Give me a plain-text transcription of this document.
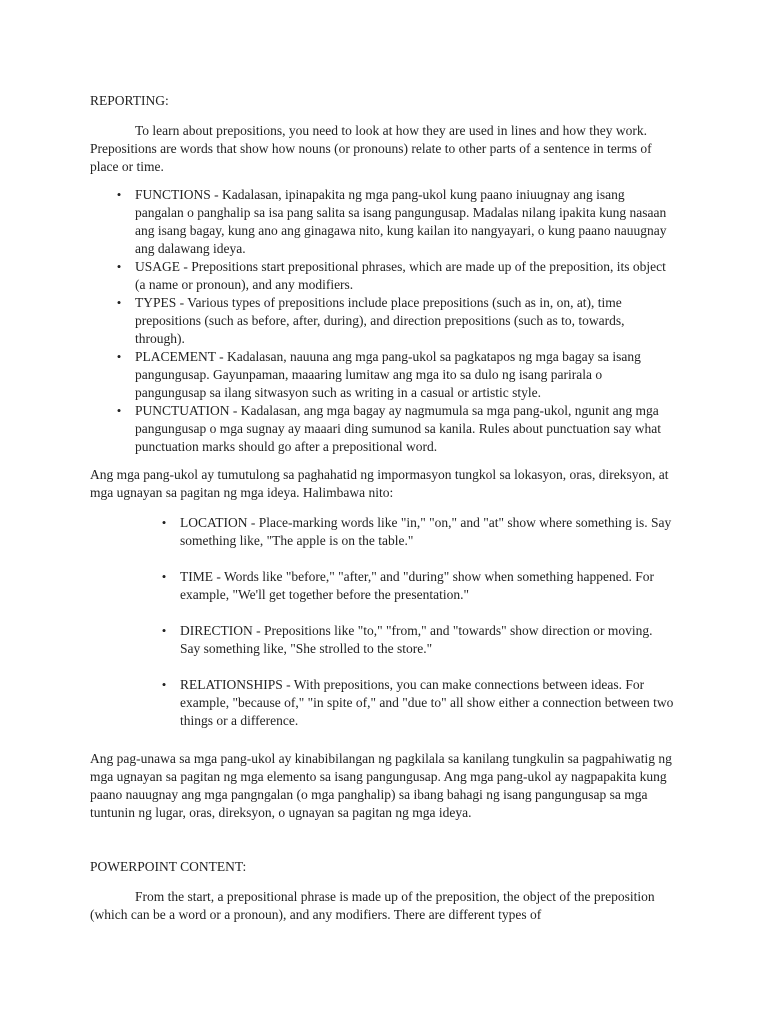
REPORTING:

To learn about prepositions, you need to look at how they are used in lines and how they work. Prepositions are words that show how nouns (or pronouns) relate to other parts of a sentence in terms of place or time.

• FUNCTIONS - Kadalasan, ipinapakita ng mga pang-ukol kung paano iniuugnay ang isang pangalan o panghalip sa isa pang salita sa isang pangungusap. Madalas nilang ipakita kung nasaan ang isang bagay, kung ano ang ginagawa nito, kung kailan ito nangyayari, o kung paano nauugnay ang dalawang ideya.
• USAGE - Prepositions start prepositional phrases, which are made up of the preposition, its object (a name or pronoun), and any modifiers.
• TYPES - Various types of prepositions include place prepositions (such as in, on, at), time prepositions (such as before, after, during), and direction prepositions (such as to, towards, through).
• PLACEMENT - Kadalasan, nauuna ang mga pang-ukol sa pagkatapos ng mga bagay sa isang pangungusap. Gayunpaman, maaaring lumitaw ang mga ito sa dulo ng isang parirala o pangungusap sa ilang sitwasyon such as writing in a casual or artistic style.
• PUNCTUATION - Kadalasan, ang mga bagay ay nagmumula sa mga pang-ukol, ngunit ang mga pangungusap o mga sugnay ay maaari ding sumunod sa kanila. Rules about punctuation say what punctuation marks should go after a prepositional word.

Ang mga pang-ukol ay tumutulong sa paghahatid ng impormasyon tungkol sa lokasyon, oras, direksyon, at mga ugnayan sa pagitan ng mga ideya. Halimbawa nito:

• LOCATION - Place-marking words like "in," "on," and "at" show where something is. Say something like, "The apple is on the table."
• TIME - Words like "before," "after," and "during" show when something happened. For example, "We'll get together before the presentation."
• DIRECTION - Prepositions like "to," "from," and "towards" show direction or moving. Say something like, "She strolled to the store."
• RELATIONSHIPS - With prepositions, you can make connections between ideas. For example, "because of," "in spite of," and "due to" all show either a connection between two things or a difference.

Ang pag-unawa sa mga pang-ukol ay kinabibilangan ng pagkilala sa kanilang tungkulin sa pagpahiwatig ng mga ugnayan sa pagitan ng mga elemento sa isang pangungusap. Ang mga pang-ukol ay nagpapakita kung paano nauugnay ang mga pangngalan (o mga panghalip) sa ibang bahagi ng isang pangungusap sa mga tuntunin ng lugar, oras, direksyon, o ugnayan sa pagitan ng mga ideya.

POWERPOINT CONTENT:

From the start, a prepositional phrase is made up of the preposition, the object of the preposition (which can be a word or a pronoun), and any modifiers. There are different types of
